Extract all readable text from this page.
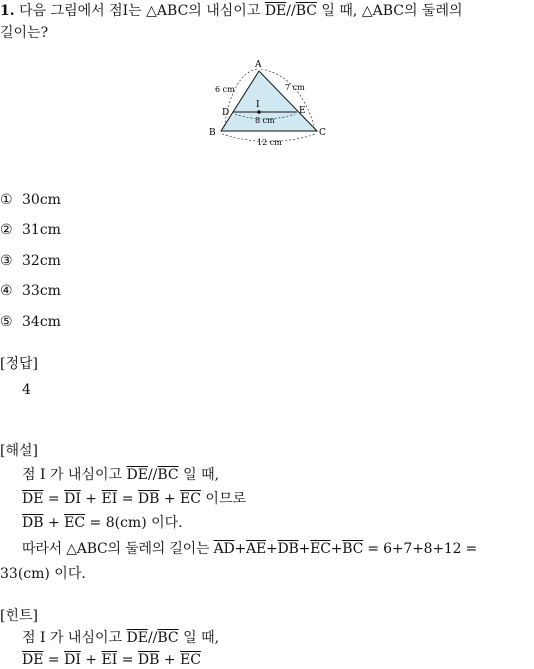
1. 다음 그림에서 점I는 △ABC의 내심이고 $\overline{DE}//\overline{BC}$ 일 때, △ABC의 둘레의
길이는?
A
B	C
D	E
I
6 cm	7 cm
8 cm
12 cm
① 30cm
② 31cm
③ 32cm
④ 33cm
⑤ 34cm
[정답]
4
[해설]
점 I 가 내심이고 $\overline{DE}//\overline{BC}$ 일 때,
$\overline{DE} = \overline{DI} + \overline{EI} = \overline{DB} + \overline{EC}$ 이므로
$\overline{DB} + \overline{EC} = 8(cm)$ 이다.
따라서 △ABC의 둘레의 길이는 $\overline{AD}+\overline{AE}+\overline{DB}+\overline{EC}+\overline{BC} = 6+7+8+12$ =
33(cm) 이다.
[힌트]
점 I 가 내심이고 $\overline{DE}//\overline{BC}$ 일 때,
$\overline{DE} = \overline{DI} + \overline{EI} = \overline{DB} + \overline{EC}$
